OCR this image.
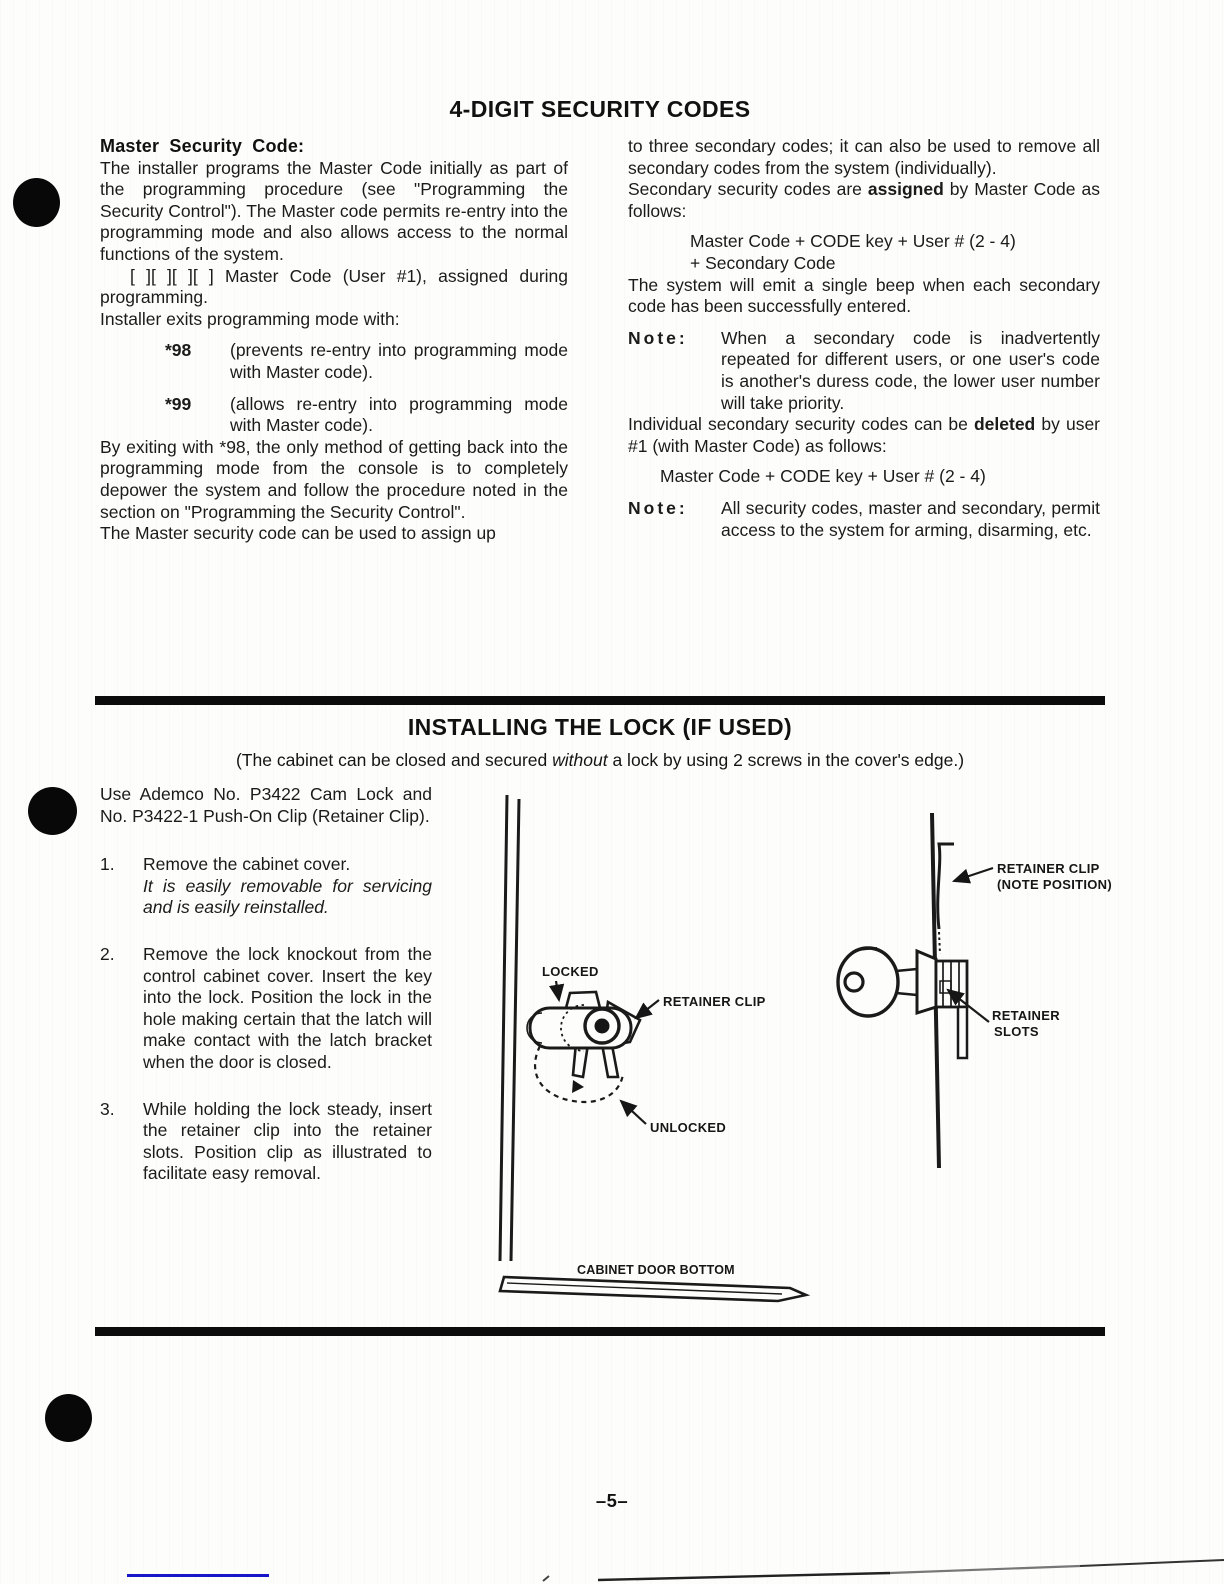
4-DIGIT SECURITY CODES

Master Security Code:

The installer programs the Master Code initially as part of the programming procedure (see "Programming the Security Control"). The Master code permits re-entry into the programming mode and also allows access to the normal functions of the system.

[ ][ ][ ][ ] Master Code (User #1), assigned during programming.

Installer exits programming mode with:

*98	(prevents re-entry into programming mode with Master code).
*99	(allows re-entry into programming mode with Master code).

By exiting with *98, the only method of getting back into the programming mode from the console is to completely depower the system and follow the procedure noted in the section on "Programming the Security Control".

The Master security code can be used to assign up

to three secondary codes; it can also be used to remove all secondary codes from the system (individually).

Secondary security codes are assigned by Master Code as follows:

Master Code + CODE key + User # (2 - 4)
+ Secondary Code

The system will emit a single beep when each secondary code has been successfully entered.

Note:	When a secondary code is inadvertently repeated for different users, or one user's code is another's duress code, the lower user number will take priority.

Individual secondary security codes can be deleted by user #1 (with Master Code) as follows:

Master Code + CODE key + User # (2 - 4)
Note:	All security codes, master and secondary, permit access to the system for arming, disarming, etc.
INSTALLING THE LOCK (IF USED)
(The cabinet can be closed and secured without a lock by using 2 screws in the cover's edge.)

Use Ademco No. P3422 Cam Lock and No. P3422-1 Push-On Clip (Retainer Clip).

1.	Remove the cabinet cover.
It is easily removable for servicing and is easily reinstalled.
2.	Remove the lock knockout from the control cabinet cover. Insert the key into the lock. Position the lock in the hole making certain that the latch will make contact with the latch bracket when the door is closed.
3.	While holding the lock steady, insert the retainer clip into the retainer slots. Position clip as illustrated to facilitate easy removal.
CABINET DOOR BOTTOM
LOCKED
RETAINER CLIP
UNLOCKED
RETAINER CLIP
(NOTE POSITION)
RETAINER
SLOTS
–5–
